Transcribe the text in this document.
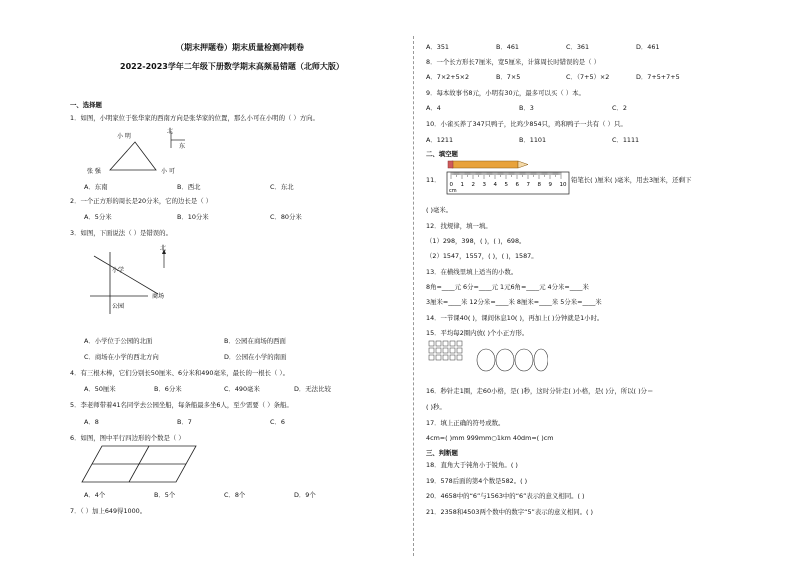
（期末押题卷）期末质量检测冲刺卷
2022-2023学年二年级下册数学期末高频易错题（北师大版）
一、选择题
1．如图，小明家位于张华家的西南方向是张华家的位置，那么小可在小明的（ ）方向。
小 明
北
东
张 强	小 可
A．东南	B．西北	C．东北
2．一个正方形的周长是20分米，它的边长是（ ）
A．5分米	B．10分米	C．80分米
3．如图，下面说法（ ）是错误的。
北
小学
公园
商场
A．小学位于公园的北面	B．公园在商场的西面
C．商场在小学的西北方向	D．公园在小学的南面
4．有三根木棒，它们分别长50厘米、6分米和490毫米，最长的一根长（ ）。
A．50厘米	B．6分米	C．490毫米	D．无法比较
5．李老师带着41名同学去公园坐船，每条船最多坐6人，至少需要（ ）条船。
A．8	B．7	C．6
6．如图，图中平行四边形的个数是（ ）
A．4个	B．5个	C．8个	D．9个
7．（ ）加上649得1000。
A．351	B．461	C．361	D．461
8．一个长方形长7厘米，宽5厘米，计算周长时错误的是（ ）
A．7×2+5×2	B．7×5	C．（7+5）×2	D．7+5+7+5
9．每本故事书8元，小明有30元，最多可以买（ ）本。
A．4	B．3	C．2
10．小雀买养了347只鸭子，比鸡少854只，鸡和鸭子一共有（ ）只。
A．1211	B．1101	C．1111
二、填空题
11．
0 1 2 3 4 5 6 7 8 9 10
cm
铅笔长( )厘米( )毫米，用去3厘米，还剩下
( )毫米。
12．找规律，填一填。
（1）298，398，( )，( )，698。
（2）1547，1557，( )，( )，1587。
13．在横线里填上适当的小数。
8角=____元 6分=____元 1元6角=____元 4分米=____米
3厘米=____米 12分米=____米 8厘米=____米 5分米=____米
14．一节课40( )，课间休息10( )，再加上( )分钟就是1小时。
15．平均每2圈内放( )个小正方形。
16．秒针走1圈，走60小格，是( )秒，这时分针走( )小格，是( )分，所以( )分＝
( )秒。
17．填上正确的符号或数。
4cm=( )mm 999mm○1km 40dm=( )cm
三、判断题
18．直角大于钝角小于锐角。( )
19．578后面的第4个数是582。( )
20．4658中的“6”与1563中的“6”表示的意义相同。( )
21．2358和4503两个数中的数字“5”表示的意义相同。( )
